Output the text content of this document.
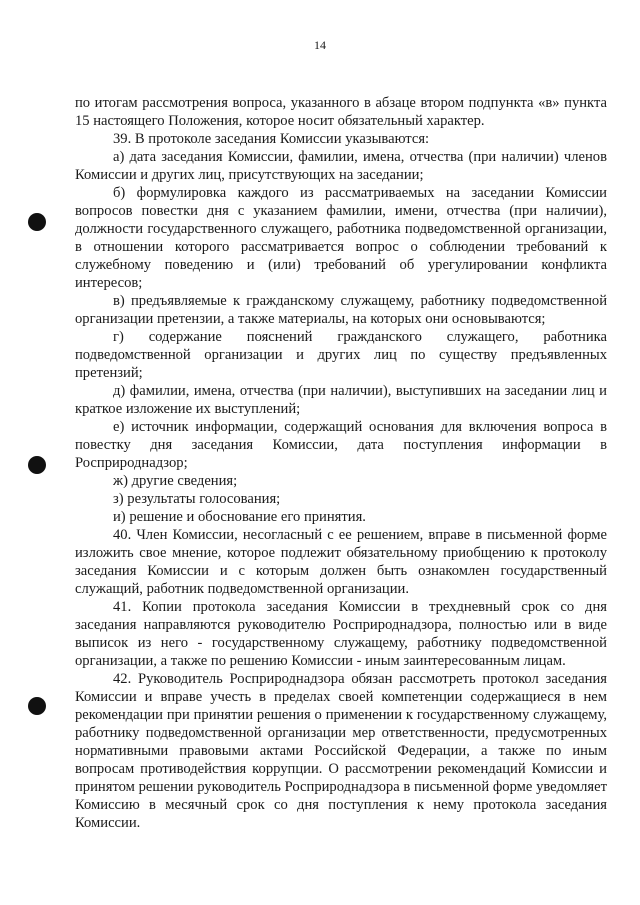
14

по итогам рассмотрения вопроса, указанного в абзаце втором подпункта «в» пункта 15 настоящего Положения, которое носит обязательный характер.

39. В протоколе заседания Комиссии указываются:

а) дата заседания Комиссии, фамилии, имена, отчества (при наличии) членов Комиссии и других лиц, присутствующих на заседании;

б) формулировка каждого из рассматриваемых на заседании Комиссии вопросов повестки дня с указанием фамилии, имени, отчества (при наличии), должности государственного служащего, работника подведомственной организации, в отношении которого рассматривается вопрос о соблюдении требований к служебному поведению и (или) требований об урегулировании конфликта интересов;

в) предъявляемые к гражданскому служащему, работнику подведомственной организации претензии, а также материалы, на которых они основываются;

г) содержание пояснений гражданского служащего, работника подведомственной организации и других лиц по существу предъявленных претензий;

д) фамилии, имена, отчества (при наличии), выступивших на заседании лиц и краткое изложение их выступлений;

е) источник информации, содержащий основания для включения вопроса в повестку дня заседания Комиссии, дата поступления информации в Росприроднадзор;

ж) другие сведения;

з) результаты голосования;

и) решение и обоснование его принятия.

40. Член Комиссии, несогласный с ее решением, вправе в письменной форме изложить свое мнение, которое подлежит обязательному приобщению к протоколу заседания Комиссии и с которым должен быть ознакомлен государственный служащий, работник подведомственной организации.

41. Копии протокола заседания Комиссии в трехдневный срок со дня заседания направляются руководителю Росприроднадзора, полностью или в виде выписок из него - государственному служащему, работнику подведомственной организации, а также по решению Комиссии - иным заинтересованным лицам.

42. Руководитель Росприроднадзора обязан рассмотреть протокол заседания Комиссии и вправе учесть в пределах своей компетенции содержащиеся в нем рекомендации при принятии решения о применении к государственному служащему, работнику подведомственной организации мер ответственности, предусмотренных нормативными правовыми актами Российской Федерации, а также по иным вопросам противодействия коррупции. О рассмотрении рекомендаций Комиссии и принятом решении руководитель Росприроднадзора в письменной форме уведомляет Комиссию в месячный срок со дня поступления к нему протокола заседания Комиссии.
